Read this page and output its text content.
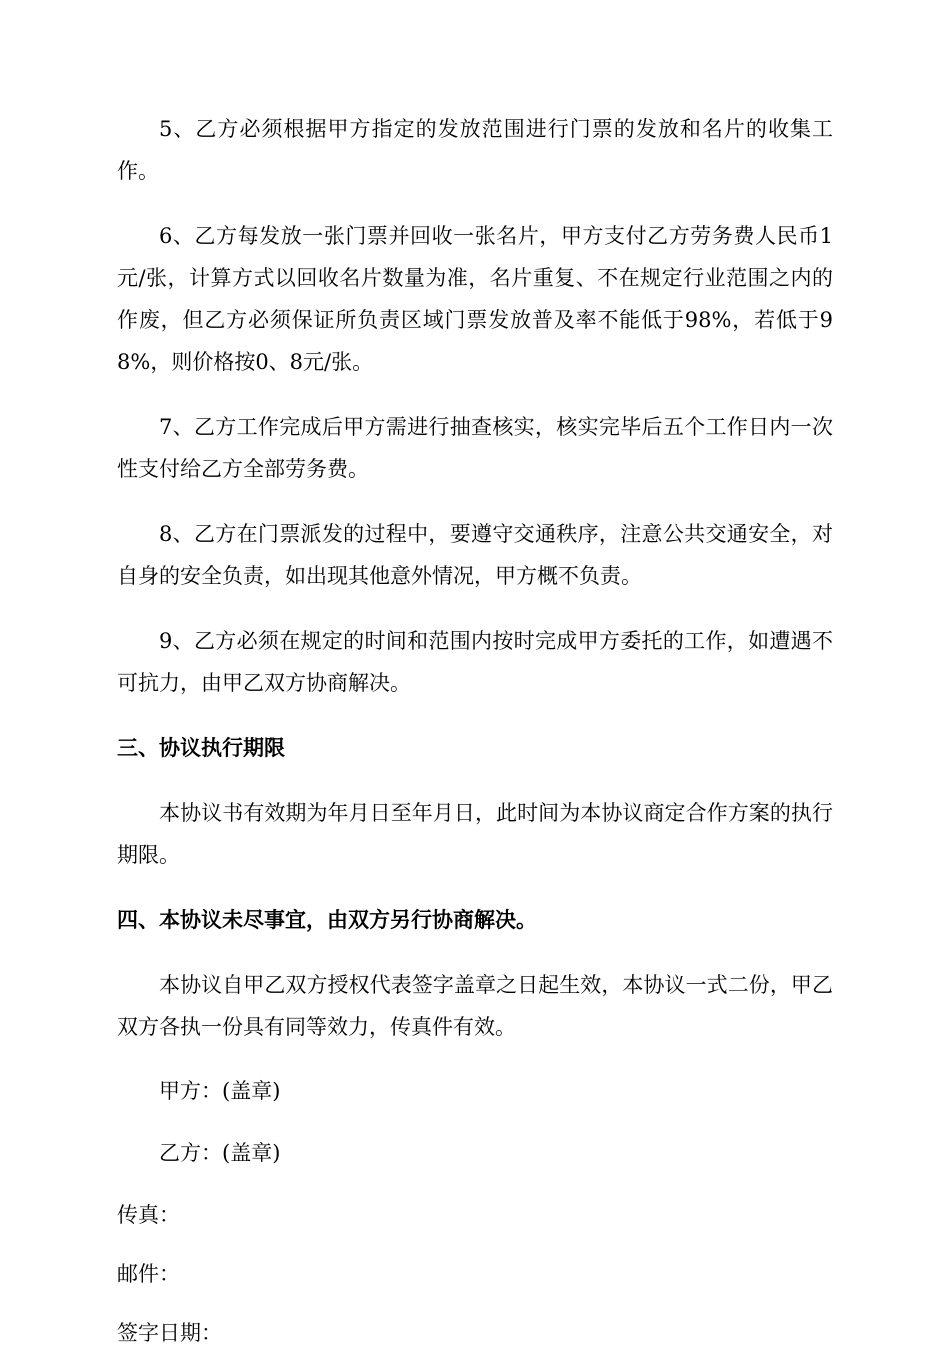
5、乙方必须根据甲方指定的发放范围进行门票的发放和名片的收集工作。

6、乙方每发放一张门票并回收一张名片，甲方支付乙方劳务费人民币1元/张，计算方式以回收名片数量为准，名片重复、不在规定行业范围之内的作废，但乙方必须保证所负责区域门票发放普及率不能低于98%，若低于98%，则价格按0、8元/张。

7、乙方工作完成后甲方需进行抽查核实，核实完毕后五个工作日内一次性支付给乙方全部劳务费。

8、乙方在门票派发的过程中，要遵守交通秩序，注意公共交通安全，对自身的安全负责，如出现其他意外情况，甲方概不负责。

9、乙方必须在规定的时间和范围内按时完成甲方委托的工作，如遭遇不可抗力，由甲乙双方协商解决。

三、协议执行期限

本协议书有效期为年月日至年月日，此时间为本协议商定合作方案的执行期限。

四、本协议未尽事宜，由双方另行协商解决。

本协议自甲乙双方授权代表签字盖章之日起生效，本协议一式二份，甲乙双方各执一份具有同等效力，传真件有效。

甲方：(盖章)

乙方：(盖章)

传真：

邮件：

签字日期：
